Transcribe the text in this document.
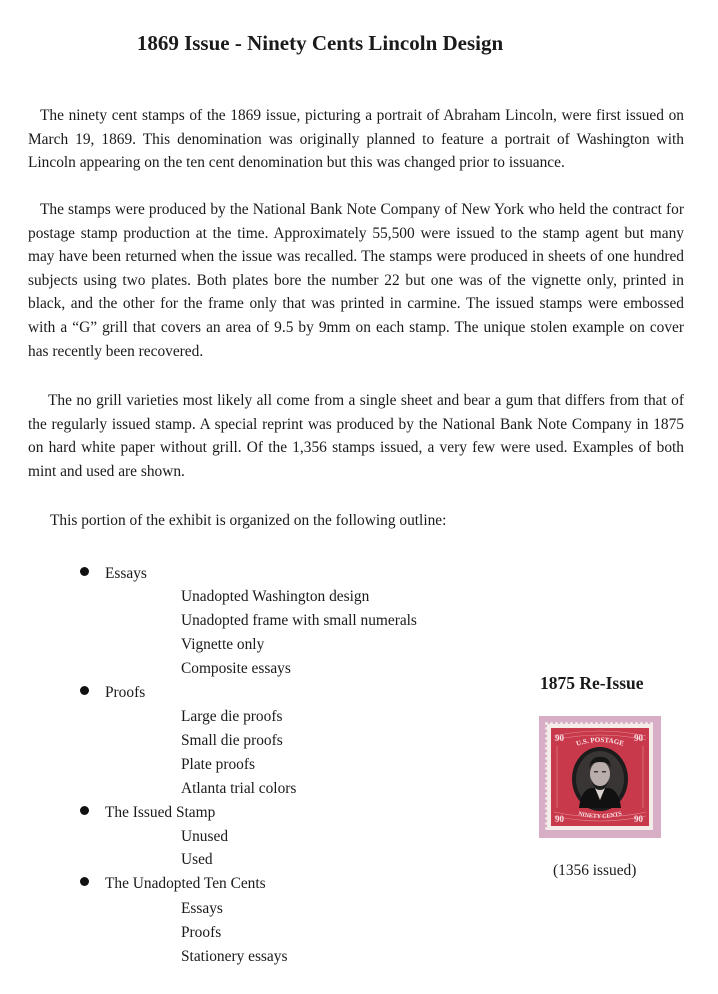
1869 Issue - Ninety Cents Lincoln Design

The ninety cent stamps of the 1869 issue, picturing a portrait of Abraham Lincoln, were first issued on March 19, 1869. This denomination was originally planned to feature a portrait of Washington with Lincoln appearing on the ten cent denomination but this was changed prior to issuance.

The stamps were produced by the National Bank Note Company of New York who held the contract for postage stamp production at the time. Approximately 55,500 were issued to the stamp agent but many may have been returned when the issue was recalled. The stamps were produced in sheets of one hundred subjects using two plates. Both plates bore the number 22 but one was of the vignette only, printed in black, and the other for the frame only that was printed in carmine. The issued stamps were embossed with a “G” grill that covers an area of 9.5 by 9mm on each stamp. The unique stolen example on cover has recently been recovered.

The no grill varieties most likely all come from a single sheet and bear a gum that differs from that of the regularly issued stamp. A special reprint was produced by the National Bank Note Company in 1875 on hard white paper without grill. Of the 1,356 stamps issued, a very few were used. Examples of both mint and used are shown.

This portion of the exhibit is organized on the following outline:
Essays
Unadopted Washington design
Unadopted frame with small numerals
Vignette only
Composite essays
Proofs
Large die proofs
Small die proofs
Plate proofs
Atlanta trial colors
The Issued Stamp
Unused
Used
The Unadopted Ten Cents
Essays
Proofs
Stationery essays
1875 Re-Issue
90	90
90	90
U.S. POSTAGE
NINETY CENTS
(1356 issued)
